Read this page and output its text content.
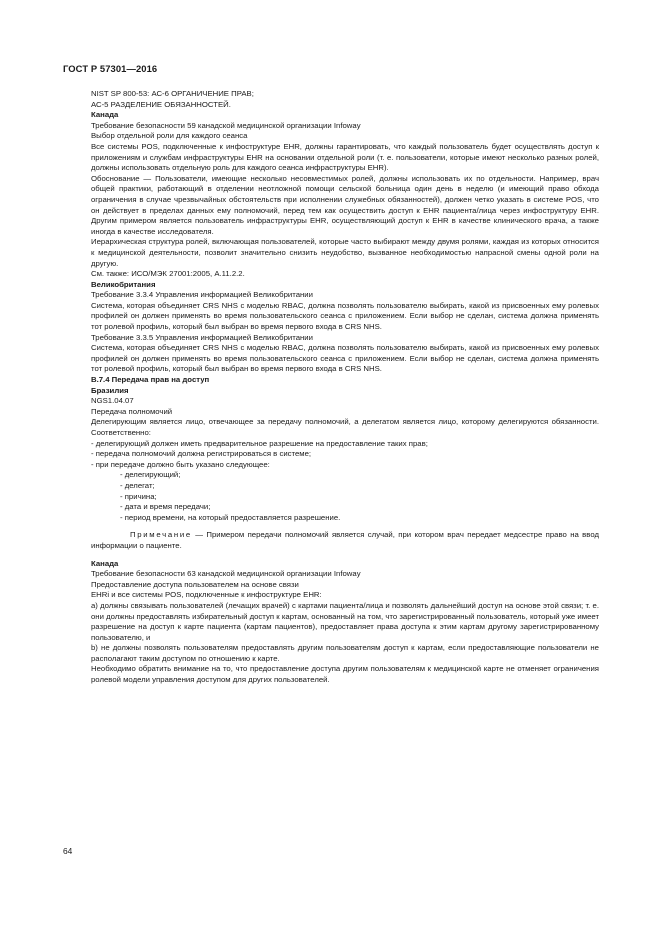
ГОСТ Р 57301—2016

NIST SP 800-53: АС-6 ОРГАНИЧЕНИЕ ПРАВ;

АС-5 РАЗДЕЛЕНИЕ ОБЯЗАННОСТЕЙ.

Канада

Требование безопасности 59 канадской медицинской организации Infoway

Выбор отдельной роли для каждого сеанса

Все системы POS, подключенные к инфоструктуре EHR, должны гарантировать, что каждый пользователь будет осуществлять доступ к приложениям и службам инфраструктуры EHR на основании отдельной роли (т. е. пользователи, которые имеют несколько разных ролей, должны использовать отдельную роль для каждого сеанса инфраструктуры EHR).

Обоснование — Пользователи, имеющие несколько несовместимых ролей, должны использовать их по отдельности. Например, врач общей практики, работающий в отделении неотложной помощи сельской больница один день в неделю (и имеющий право обхода ограничения в случае чрезвычайных обстоятельств при исполнении служебных обязанностей), должен четко указать в системе POS, что он действует в пределах данных ему полномочий, перед тем как осуществить доступ к EHR пациента/лица через инфоструктуру EHR. Другим примером является пользователь инфраструктуры EHR, осуществляющий доступ к EHR в качестве клинического врача, а также иногда в качестве исследователя.

Иерархическая структура ролей, включающая пользователей, которые часто выбирают между двумя ролями, каждая из которых относится к медицинской деятельности, позволит значительно снизить неудобство, вызванное необходимостью напрасной смены одной роли на другую.

См. также: ИСО/МЭК 27001:2005, А.11.2.2.

Великобритания

Требование 3.3.4 Управления информацией Великобритании

Система, которая объединяет CRS NHS с моделью RBAC, должна позволять пользователю выбирать, какой из присвоенных ему ролевых профилей он должен применять во время пользовательского сеанса с приложением. Если выбор не сделан, система должна применять тот ролевой профиль, который был выбран во время первого входа в CRS NHS.

Требование 3.3.5 Управления информацией Великобритании

Система, которая объединяет CRS NHS с моделью RBAC, должна позволять пользователю выбирать, какой из присвоенных ему ролевых профилей он должен применять во время пользовательского сеанса с приложением. Если выбор не сделан, система должна применять тот ролевой профиль, который был выбран во время первого входа в CRS NHS.

В.7.4 Передача прав на доступ

Бразилия

NGS1.04.07

Передача полномочий

Делегирующим является лицо, отвечающее за передачу полномочий, а делегатом является лицо, которому делегируются обязанности. Соответственно:

- делегирующий должен иметь предварительное разрешение на предоставление таких прав;

- передача полномочий должна регистрироваться в системе;

- при передаче должно быть указано следующее:

- делегирующий;

- делегат;

- причина;

- дата и время передачи;

- период времени, на который предоставляется разрешение.

Примечание — Примером передачи полномочий является случай, при котором врач передает медсестре право на ввод информации о пациенте.

Канада

Требование безопасности 63 канадской медицинской организации Infoway

Предоставление доступа пользователем на основе связи

EHRi и все системы POS, подключенные к инфоструктуре EHR:

a) должны связывать пользователей (лечащих врачей) с картами пациента/лица и позволять дальнейший доступ на основе этой связи; т. е. они должны предоставлять избирательный доступ к картам, основанный на том, что зарегистрированный пользователь, который уже имеет разрешение на доступ к карте пациента (картам пациентов), предоставляет права доступа к этим картам другому зарегистрированному пользователю, и

b) не должны позволять пользователям предоставлять другим пользователям доступ к картам, если предоставляющие пользователи не располагают таким доступом по отношению к карте.

Необходимо обратить внимание на то, что предоставление доступа другим пользователям к медицинской карте не отменяет ограничения ролевой модели управления доступом для других пользователей.

64
